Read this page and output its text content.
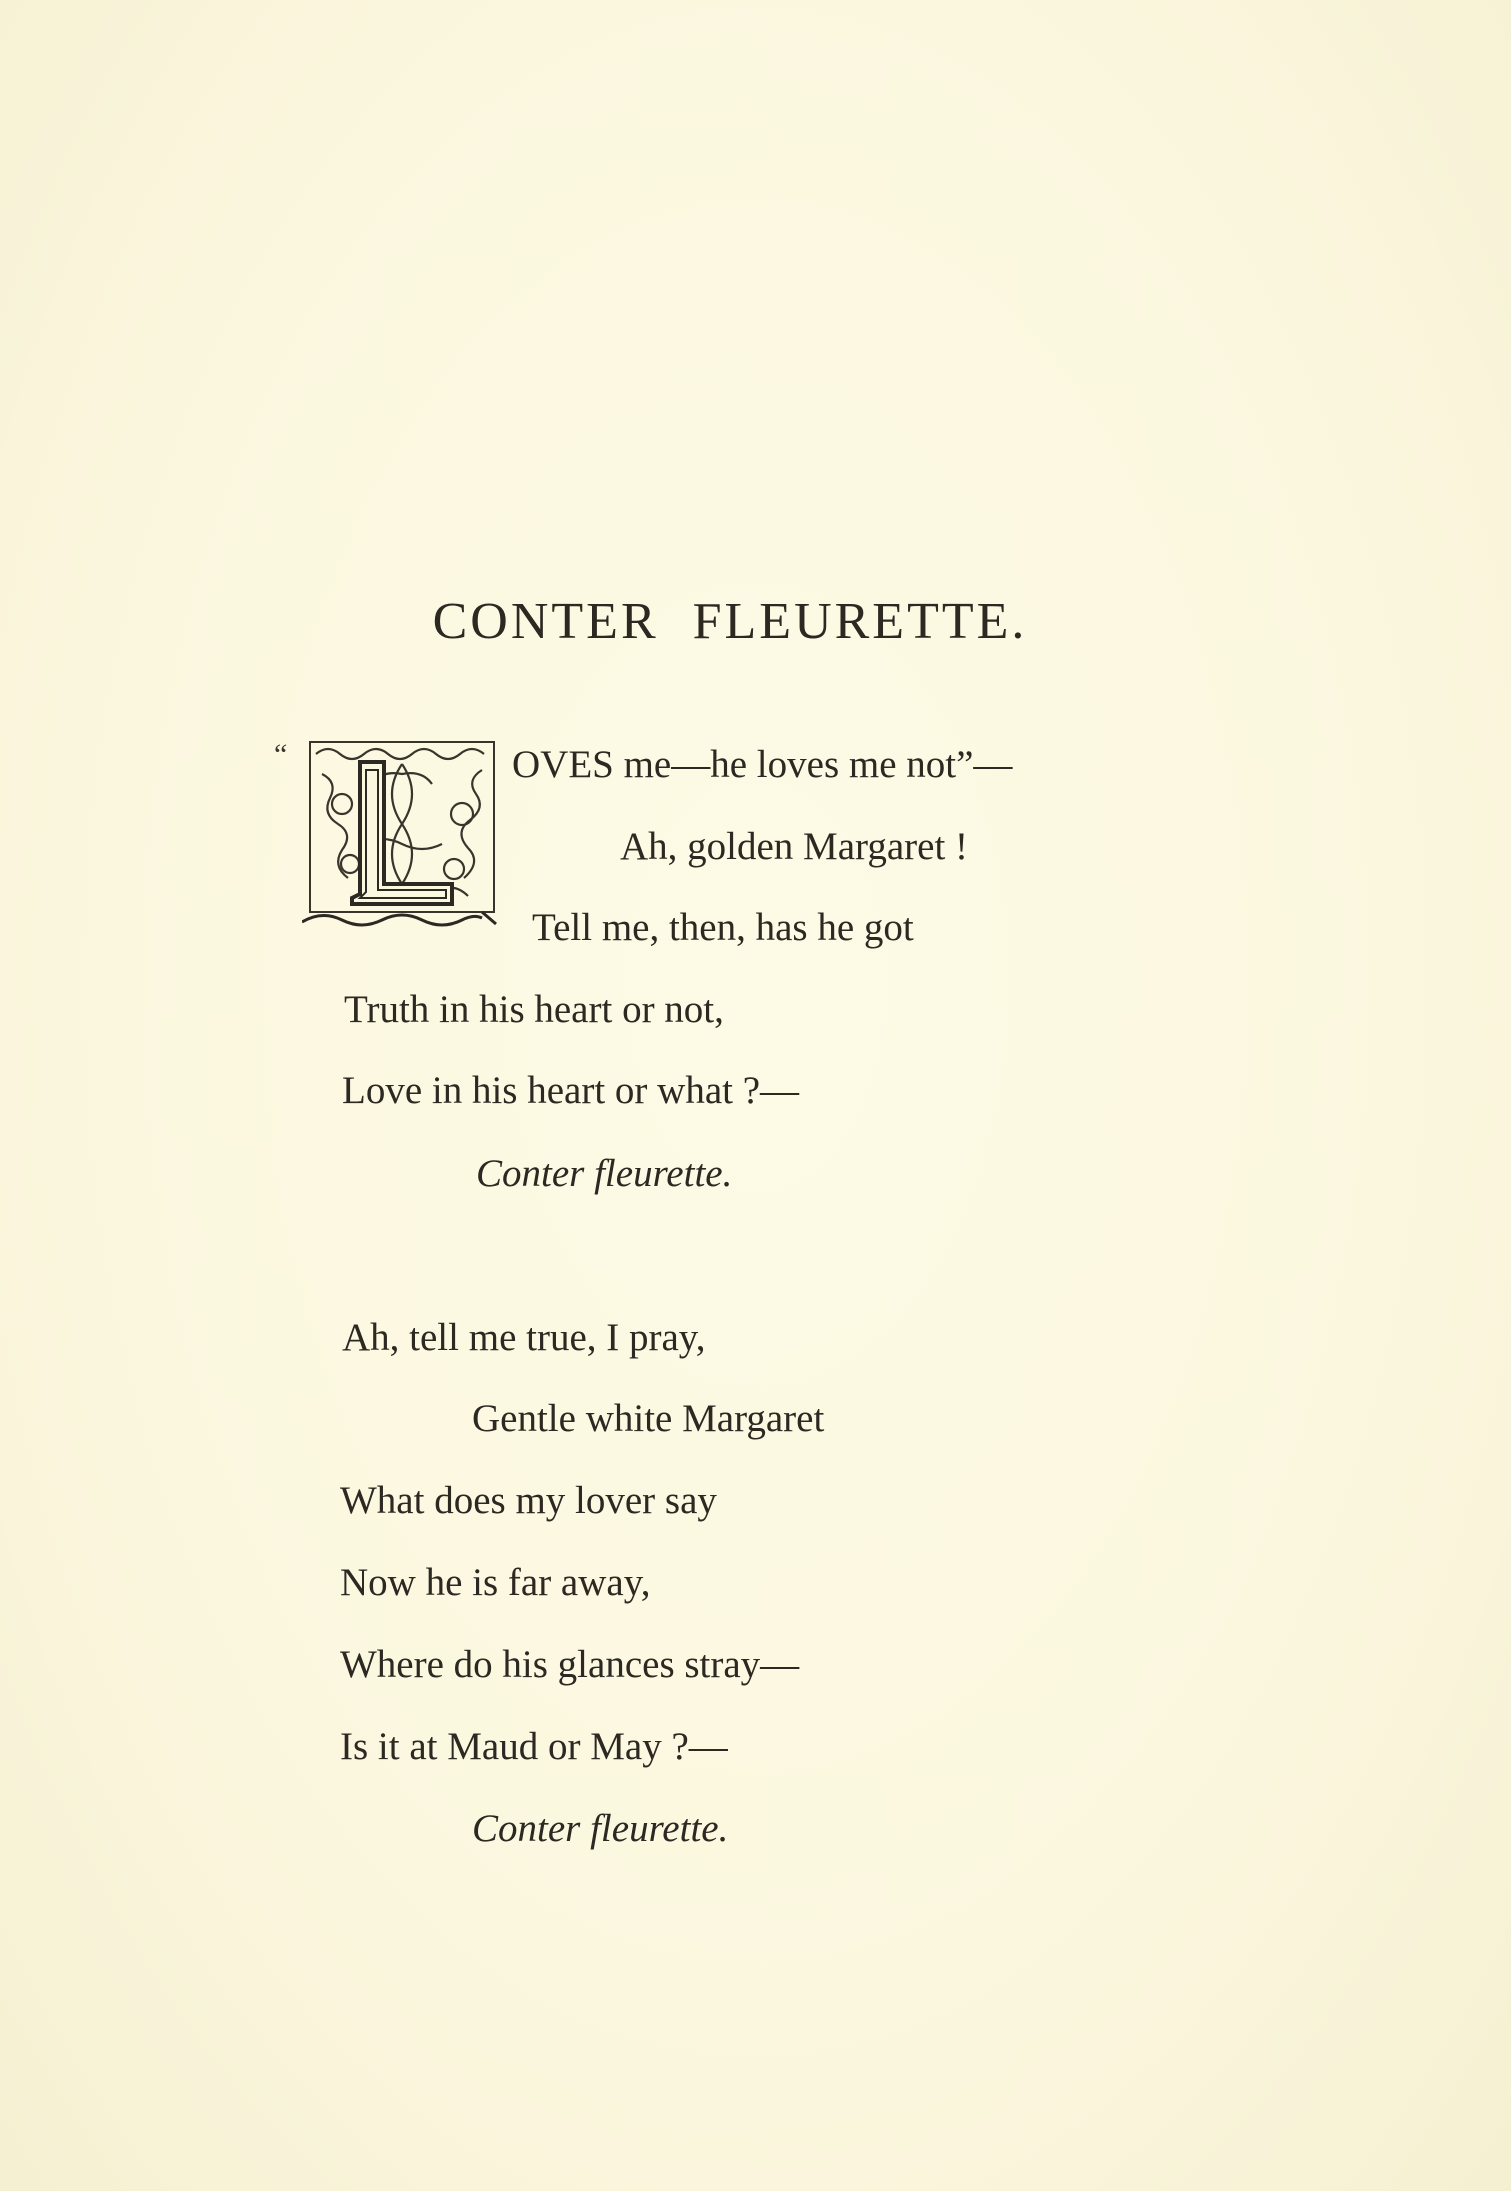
CONTER FLEURETTE.
“	OVES me—he loves me not”—
Ah, golden Margaret !
Tell me, then, has he got
Truth in his heart or not,
Love in his heart or what ?—
Conter fleurette.
Ah, tell me true, I pray,
Gentle white Margaret
What does my lover say
Now he is far away,
Where do his glances stray—
Is it at Maud or May ?—
Conter fleurette.
